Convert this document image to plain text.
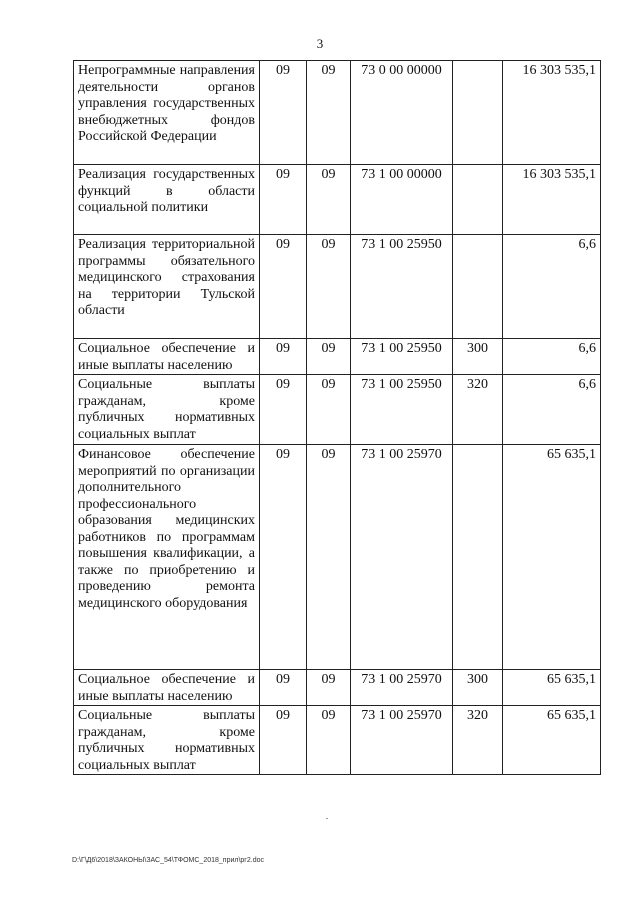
3
Непрограммные направления деятельности органов управления государственных внебюджетных фондов Российской Федерации	09	09	73 0 00 00000		16 303 535,1
Реализация государственных функций в области социальной политики	09	09	73 1 00 00000		16 303 535,1
Реализация территориальной программы обязательного медицинского страхования на территории Тульской области	09	09	73 1 00 25950		6,6
Социальное обеспечение и иные выплаты населению	09	09	73 1 00 25950	300	6,6
Социальные выплаты гражданам, кроме публичных нормативных социальных выплат	09	09	73 1 00 25950	320	6,6
Финансовое обеспечение мероприятий по организации дополнительного профессионального образования медицинских работников по программам повышения квалификации, а также по приобретению и проведению ремонта медицинского оборудования	09	09	73 1 00 25970		65 635,1
Социальное обеспечение и иные выплаты населению	09	09	73 1 00 25970	300	65 635,1
Социальные выплаты гражданам, кроме публичных нормативных социальных выплат	09	09	73 1 00 25970	320	65 635,1
D:\Г\Д6\2018\ЗАКОНЫ\ЗАС_54\ТФОМС_2018_прил\рг2.doc
